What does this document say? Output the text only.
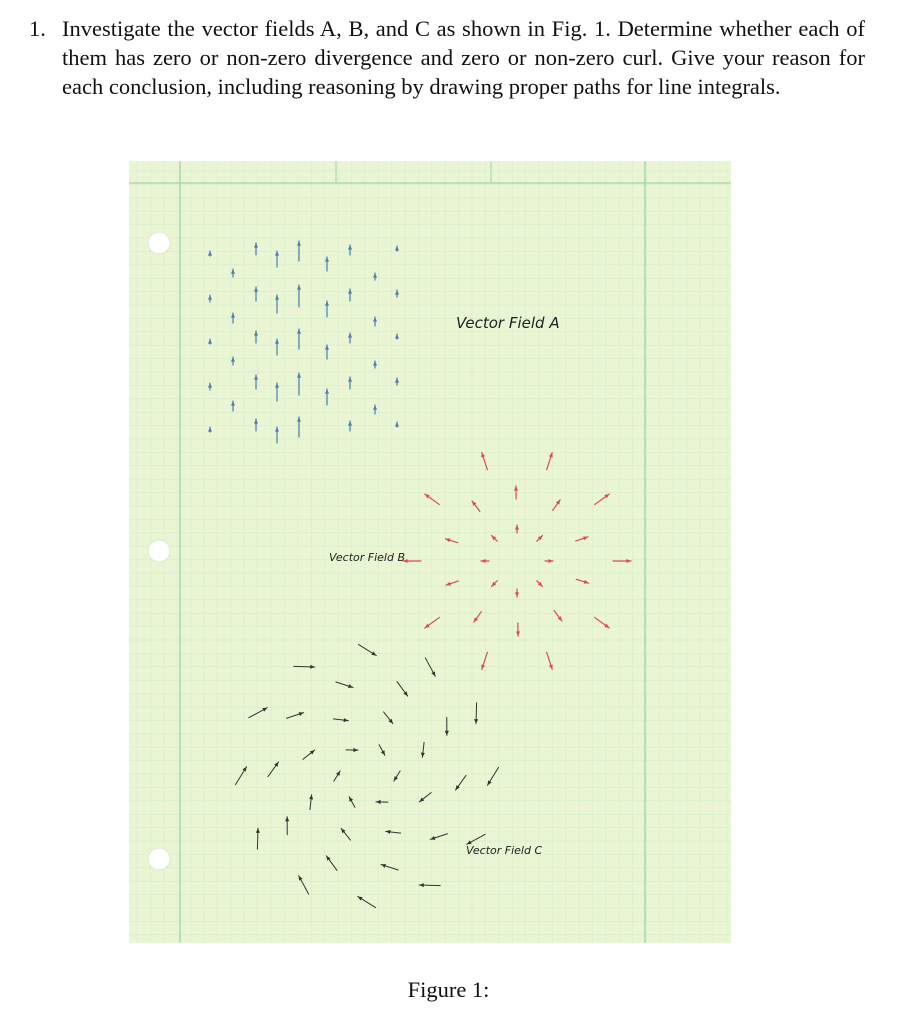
1. Investigate the vector fields A, B, and C as shown in Fig. 1. Determine whether each of them has zero or non-zero divergence and zero or non-zero curl. Give your reason for each conclusion, including reasoning by drawing proper paths for line integrals.
Vector Field A
Vector Field B
Vector Field C
Figure 1:
